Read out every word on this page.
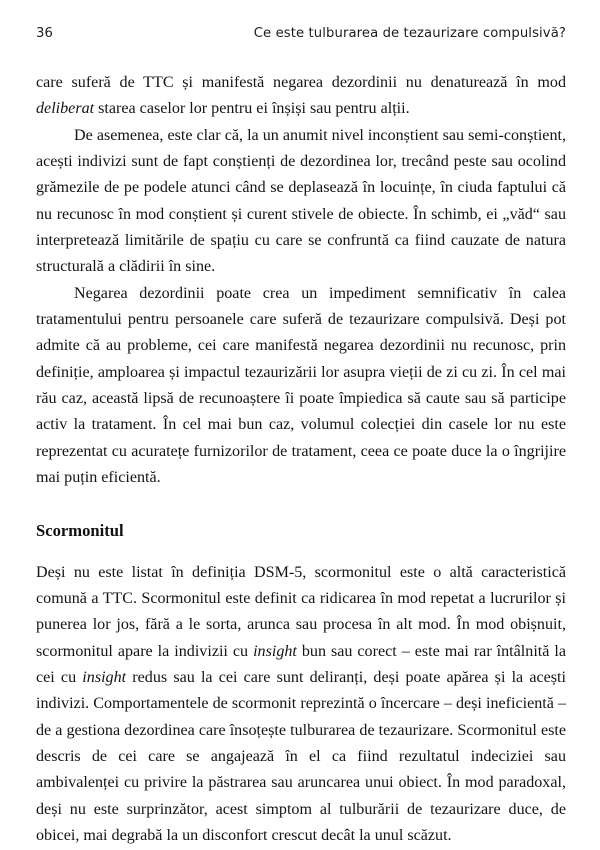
36	Ce este tulburarea de tezaurizare compulsivă?

care suferă de TTC și manifestă negarea dezordinii nu denaturează în mod deliberat starea caselor lor pentru ei înșiși sau pentru alții.

De asemenea, este clar că, la un anumit nivel inconștient sau semi-conștient, acești indivizi sunt de fapt conștienți de dezordinea lor, trecând peste sau ocolind grămezile de pe podele atunci când se deplasează în locuințe, în ciuda faptului că nu recunosc în mod conștient și curent stivele de obiecte. În schimb, ei „văd“ sau interpretează limitările de spațiu cu care se confruntă ca fiind cauzate de natura structurală a clădirii în sine.

Negarea dezordinii poate crea un impediment semnificativ în calea tratamentului pentru persoanele care suferă de tezaurizare compulsivă. Deși pot admite că au probleme, cei care manifestă negarea dezordinii nu recunosc, prin definiție, amploarea și impactul tezaurizării lor asupra vieții de zi cu zi. În cel mai rău caz, această lipsă de recunoaștere îi poate împiedica să caute sau să participe activ la tratament. În cel mai bun caz, volumul colecției din casele lor nu este reprezentat cu acuratețe furnizorilor de tratament, ceea ce poate duce la o îngrijire mai puțin eficientă.

Scormonitul

Deși nu este listat în definiția DSM-5, scormonitul este o altă caracteristică comună a TTC. Scormonitul este definit ca ridicarea în mod repetat a lucrurilor și punerea lor jos, fără a le sorta, arunca sau procesa în alt mod. În mod obișnuit, scormonitul apare la indivizii cu insight bun sau corect – este mai rar întâlnită la cei cu insight redus sau la cei care sunt deliranți, deși poate apărea și la acești indivizi. Comportamentele de scormonit reprezintă o încercare – deși ineficientă – de a gestiona dezordinea care însoțește tulburarea de tezaurizare. Scormonitul este descris de cei care se angajează în el ca fiind rezultatul indeciziei sau ambivalenței cu privire la păstrarea sau aruncarea unui obiect. În mod paradoxal, deși nu este surprinzător, acest simptom al tulburării de tezaurizare duce, de obicei, mai degrabă la un disconfort crescut decât la unul scăzut.
